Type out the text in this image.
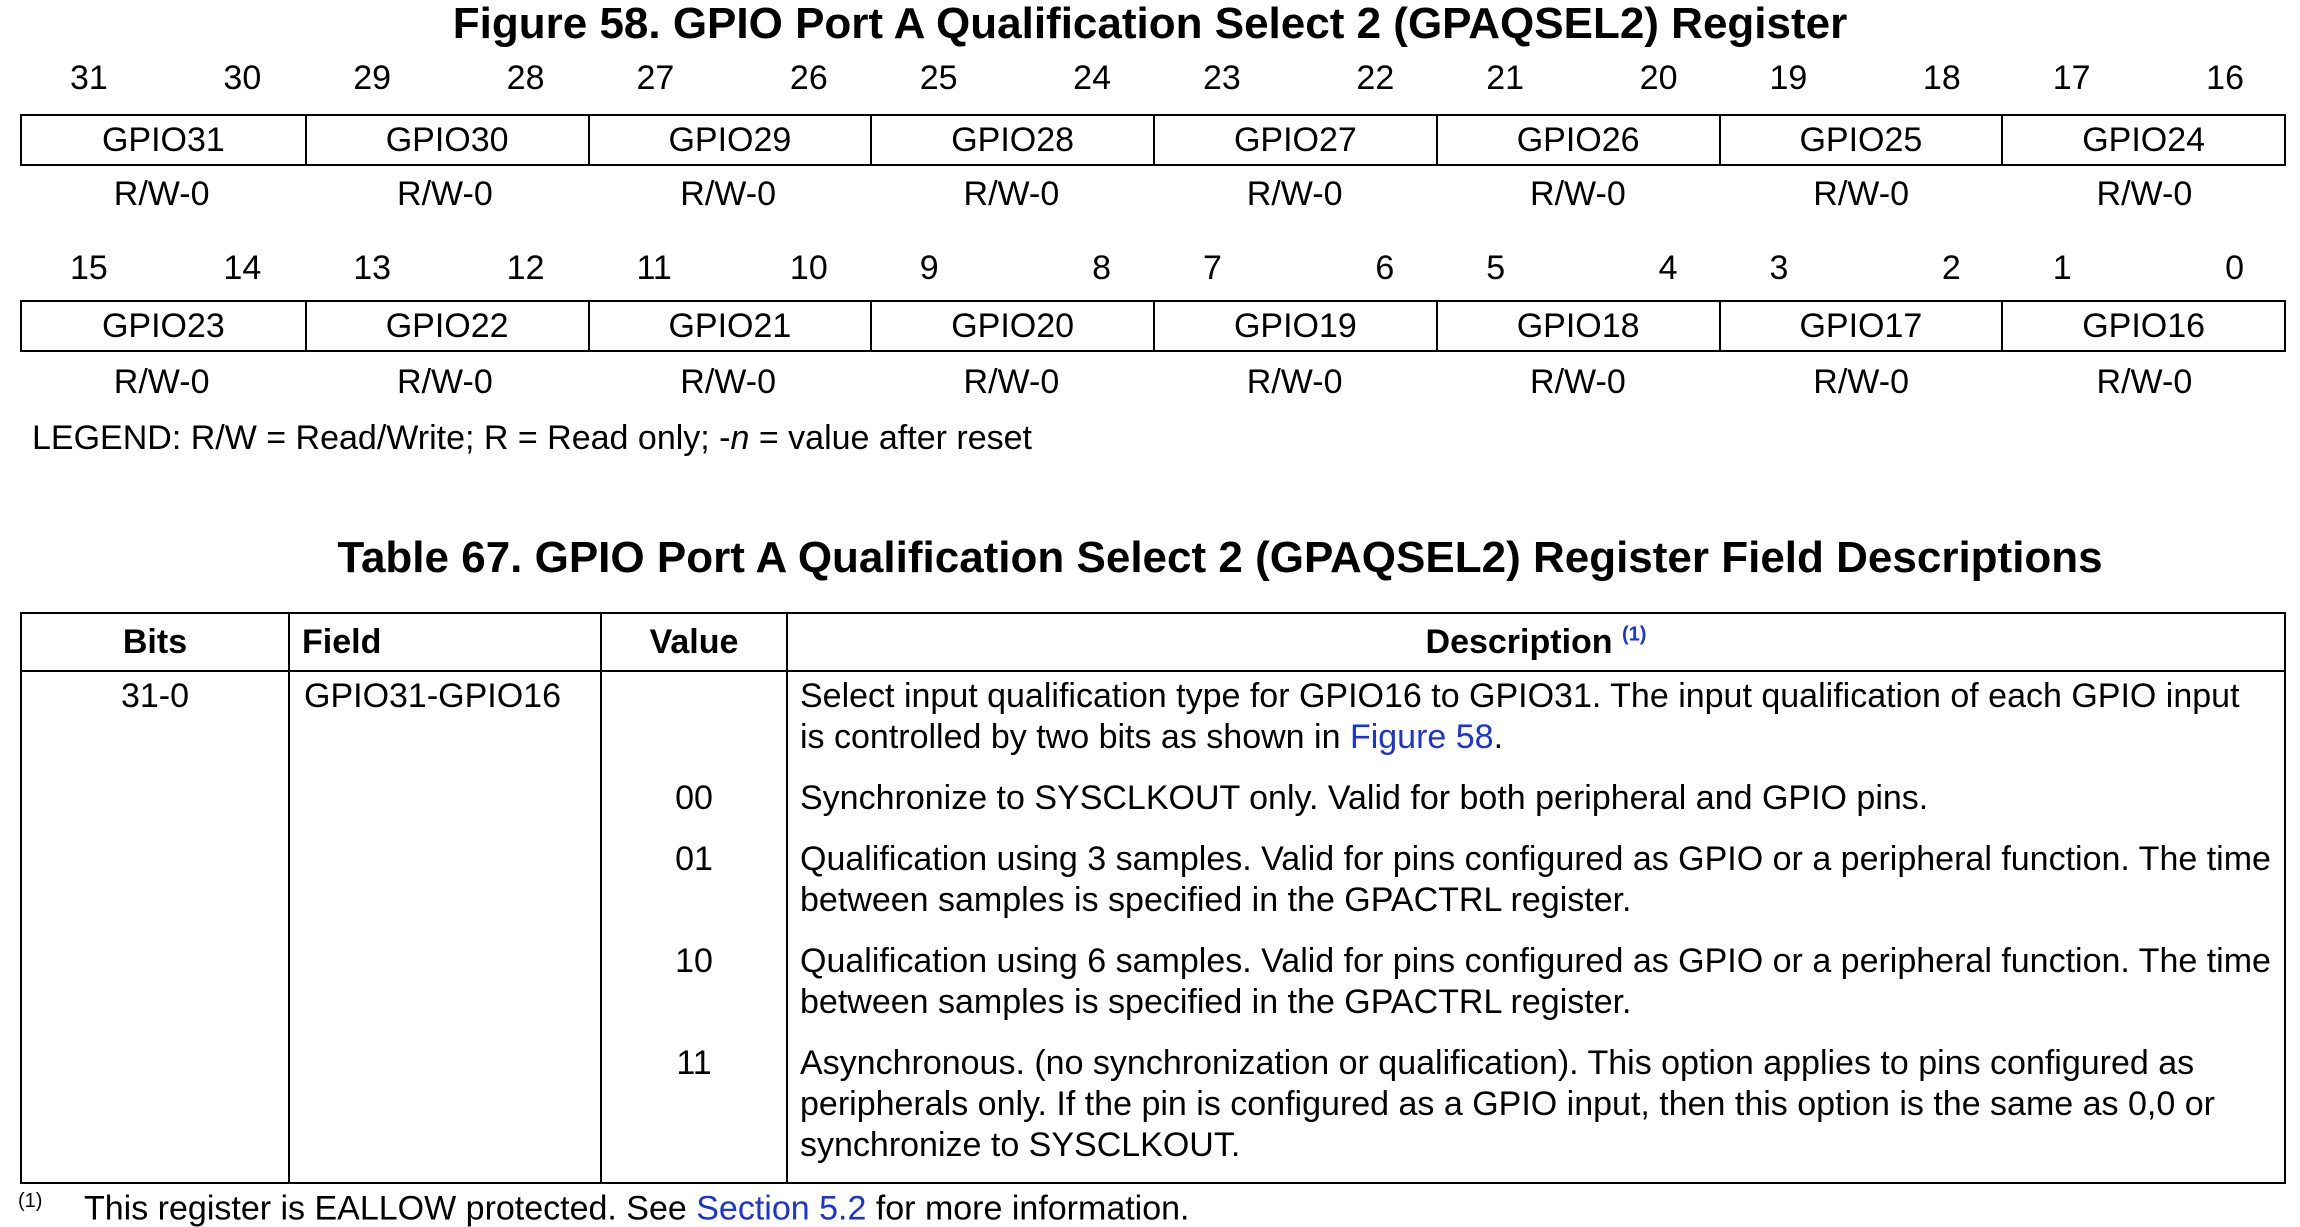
Figure 58. GPIO Port A Qualification Select 2 (GPAQSEL2) Register
31	30	29	28	27	26	25	24	23	22	21	20	19	18	17	16
GPIO31	GPIO30	GPIO29	GPIO28	GPIO27	GPIO26	GPIO25	GPIO24
R/W-0	R/W-0	R/W-0	R/W-0	R/W-0	R/W-0	R/W-0	R/W-0
15	14	13	12	11	10	9	8	7	6	5	4	3	2	1	0
GPIO23	GPIO22	GPIO21	GPIO20	GPIO19	GPIO18	GPIO17	GPIO16
R/W-0	R/W-0	R/W-0	R/W-0	R/W-0	R/W-0	R/W-0	R/W-0
LEGEND: R/W = Read/Write; R = Read only; -n = value after reset
Table 67. GPIO Port A Qualification Select 2 (GPAQSEL2) Register Field Descriptions
Bits	Field	Value	Description $^{(1)}$
31-0	GPIO31-GPIO16		Select input qualification type for GPIO16 to GPIO31. The input qualification of each GPIO input is controlled by two bits as shown in Figure 58.
		00	Synchronize to SYSCLKOUT only. Valid for both peripheral and GPIO pins.
		01	Qualification using 3 samples. Valid for pins configured as GPIO or a peripheral function. The time between samples is specified in the GPACTRL register.
		10	Qualification using 6 samples. Valid for pins configured as GPIO or a peripheral function. The time between samples is specified in the GPACTRL register.
		11	Asynchronous. (no synchronization or qualification). This option applies to pins configured as peripherals only. If the pin is configured as a GPIO input, then this option is the same as 0,0 or synchronize to SYSCLKOUT.
(1) This register is EALLOW protected. See Section 5.2 for more information.
